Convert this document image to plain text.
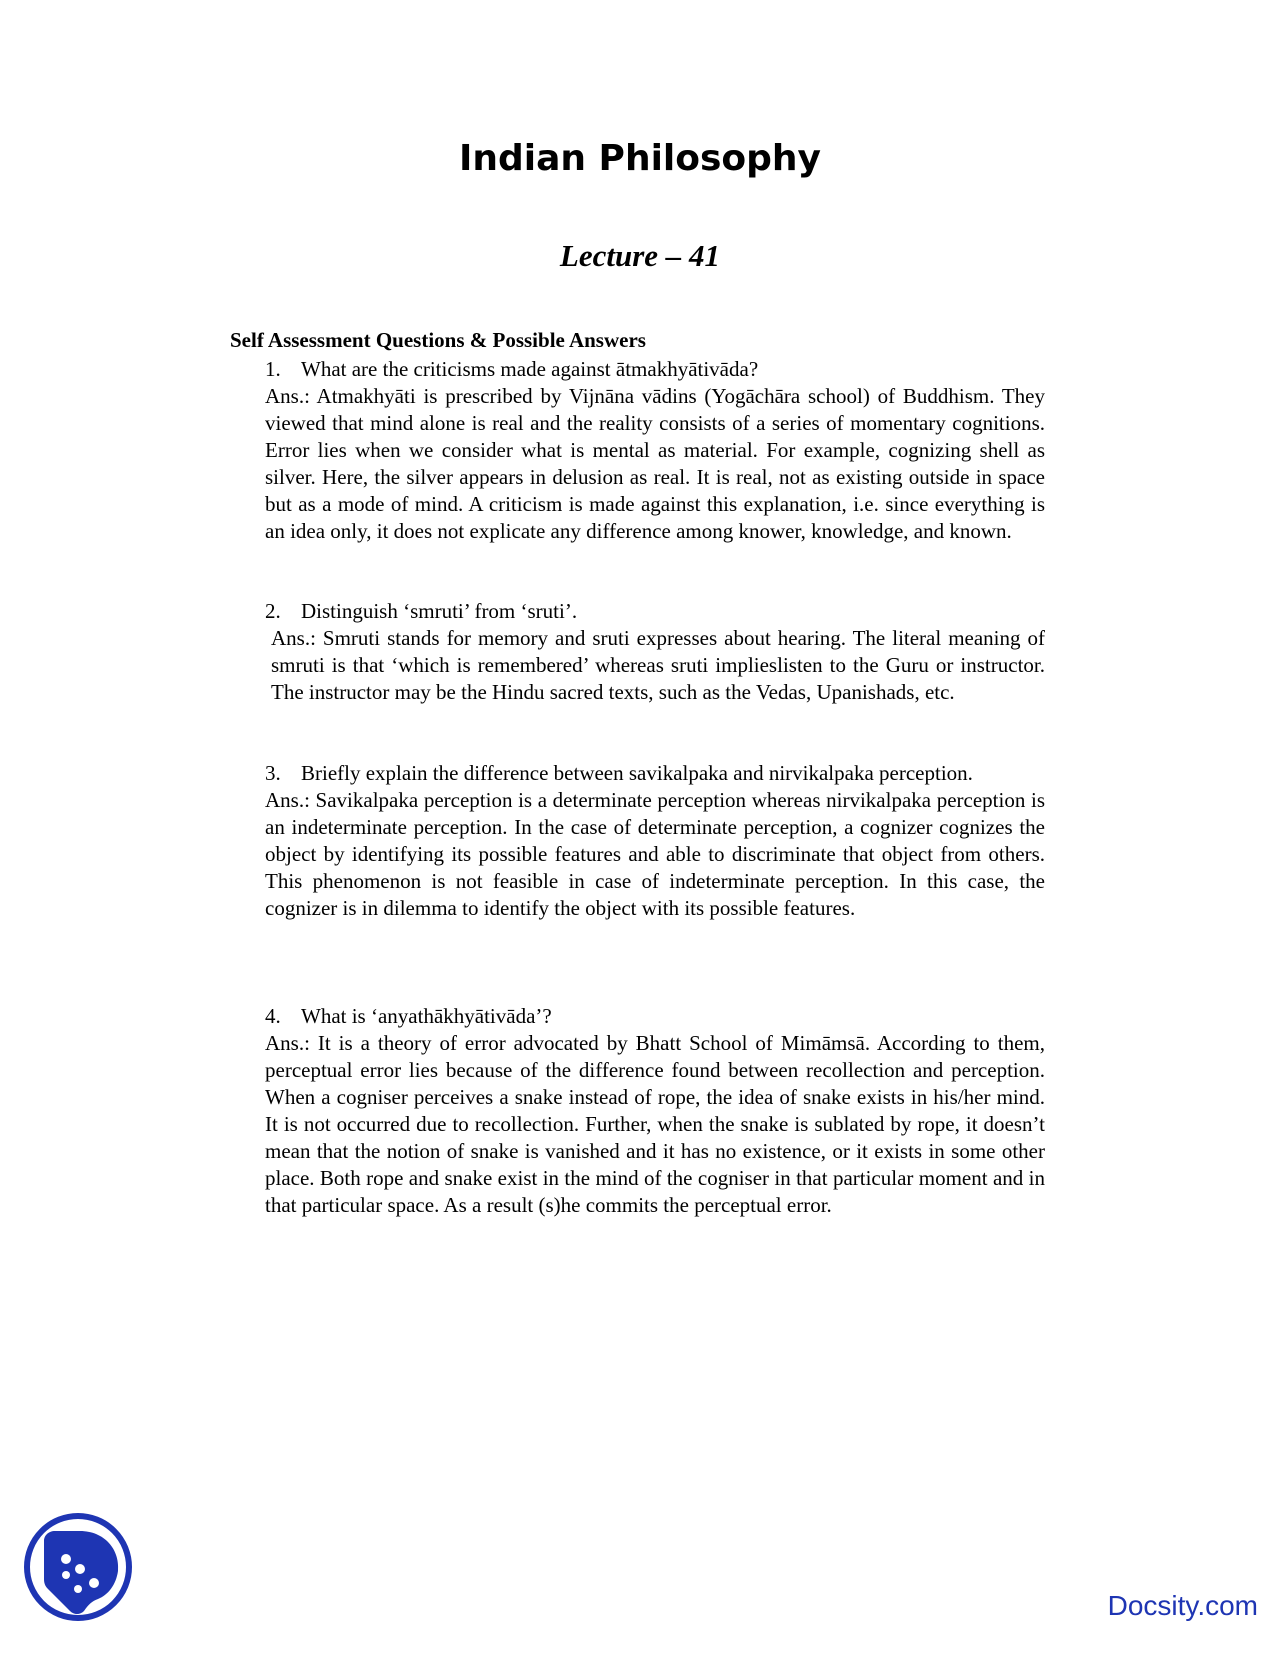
Indian Philosophy
Lecture – 41
Self Assessment Questions & Possible Answers

1. What are the criticisms made against ātmakhyātivāda?

Ans.: Atmakhyāti is prescribed by Vijnāna vādins (Yogāchāra school) of Buddhism. They viewed that mind alone is real and the reality consists of a series of momentary cognitions. Error lies when we consider what is mental as material. For example, cognizing shell as silver. Here, the silver appears in delusion as real. It is real, not as existing outside in space but as a mode of mind. A criticism is made against this explanation, i.e. since everything is an idea only, it does not explicate any difference among knower, knowledge, and known.

2. Distinguish ‘smruti’ from ‘sruti’.

Ans.: Smruti stands for memory and sruti expresses about hearing. The literal meaning of smruti is that ‘which is remembered’ whereas sruti implieslisten to the Guru or instructor. The instructor may be the Hindu sacred texts, such as the Vedas, Upanishads, etc.

3. Briefly explain the difference between savikalpaka and nirvikalpaka perception.

Ans.: Savikalpaka perception is a determinate perception whereas nirvikalpaka perception is an indeterminate perception. In the case of determinate perception, a cognizer cognizes the object by identifying its possible features and able to discriminate that object from others. This phenomenon is not feasible in case of indeterminate perception. In this case, the cognizer is in dilemma to identify the object with its possible features.

4. What is ‘anyathākhyātivāda’?

Ans.: It is a theory of error advocated by Bhatt School of Mimāmsā. According to them, perceptual error lies because of the difference found between recollection and perception. When a cogniser perceives a snake instead of rope, the idea of snake exists in his/her mind. It is not occurred due to recollection. Further, when the snake is sublated by rope, it doesn’t mean that the notion of snake is vanished and it has no existence, or it exists in some other place. Both rope and snake exist in the mind of the cogniser in that particular moment and in that particular space. As a result (s)he commits the perceptual error.

Docsity.com
